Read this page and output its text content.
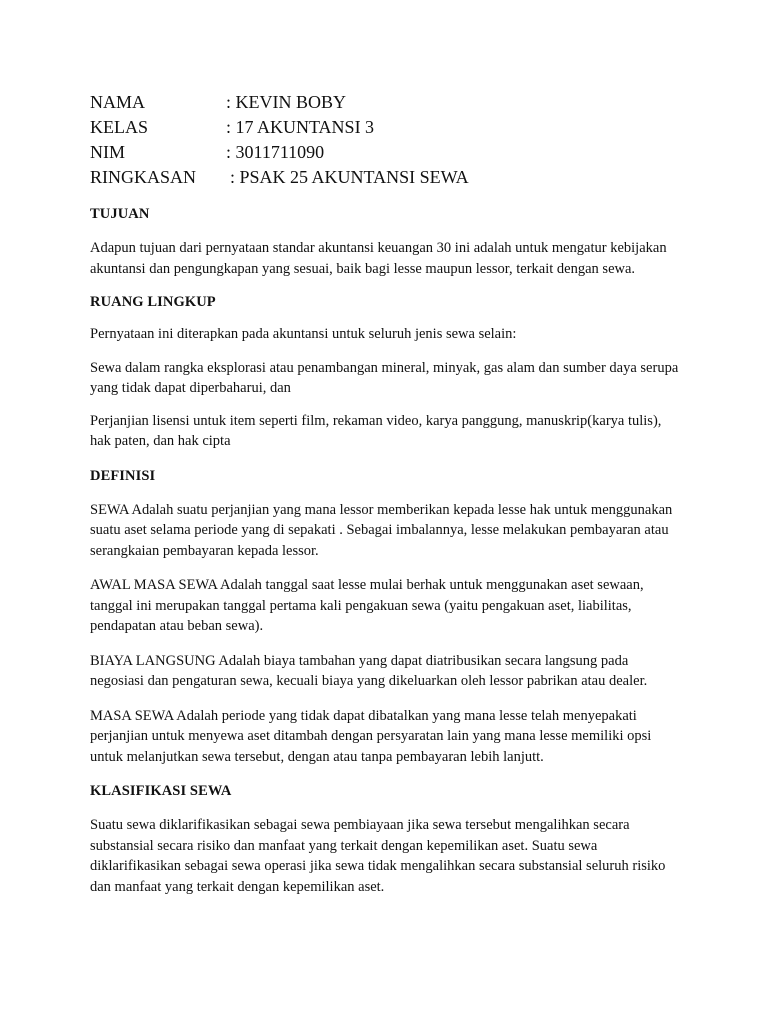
NAMA	: KEVIN BOBY
KELAS	: 17 AKUNTANSI 3
NIM	: 3011711090
RINGKASAN	: PSAK 25 AKUNTANSI SEWA
TUJUAN

Adapun tujuan dari pernyataan standar akuntansi keuangan 30 ini adalah untuk mengatur kebijakan akuntansi dan pengungkapan yang sesuai, baik bagi lesse maupun lessor, terkait dengan sewa.

RUANG LINGKUP

Pernyataan ini diterapkan pada akuntansi untuk seluruh jenis sewa selain:

Sewa dalam rangka eksplorasi atau penambangan mineral, minyak, gas alam dan sumber daya serupa yang tidak dapat diperbaharui, dan

Perjanjian lisensi untuk item seperti film, rekaman video, karya panggung, manuskrip(karya tulis), hak paten, dan hak cipta

DEFINISI

SEWA Adalah suatu perjanjian yang mana lessor memberikan kepada lesse hak untuk menggunakan suatu aset selama periode yang di sepakati . Sebagai imbalannya, lesse melakukan pembayaran atau serangkaian pembayaran kepada lessor.

AWAL MASA SEWA Adalah tanggal saat lesse mulai berhak untuk menggunakan aset sewaan, tanggal ini merupakan tanggal pertama kali pengakuan sewa (yaitu pengakuan aset, liabilitas, pendapatan atau beban sewa).

BIAYA LANGSUNG Adalah biaya tambahan yang dapat diatribusikan secara langsung pada negosiasi dan pengaturan sewa, kecuali biaya yang dikeluarkan oleh lessor pabrikan atau dealer.

MASA SEWA Adalah periode yang tidak dapat dibatalkan yang mana lesse telah menyepakati perjanjian untuk menyewa aset ditambah dengan persyaratan lain yang mana lesse memiliki opsi untuk melanjutkan sewa tersebut, dengan atau tanpa pembayaran lebih lanjutt.

KLASIFIKASI SEWA

Suatu sewa diklarifikasikan sebagai sewa pembiayaan jika sewa tersebut mengalihkan secara substansial secara risiko dan manfaat yang terkait dengan kepemilikan aset. Suatu sewa diklarifikasikan sebagai sewa operasi jika sewa tidak mengalihkan secara substansial seluruh risiko dan manfaat yang terkait dengan kepemilikan aset.
